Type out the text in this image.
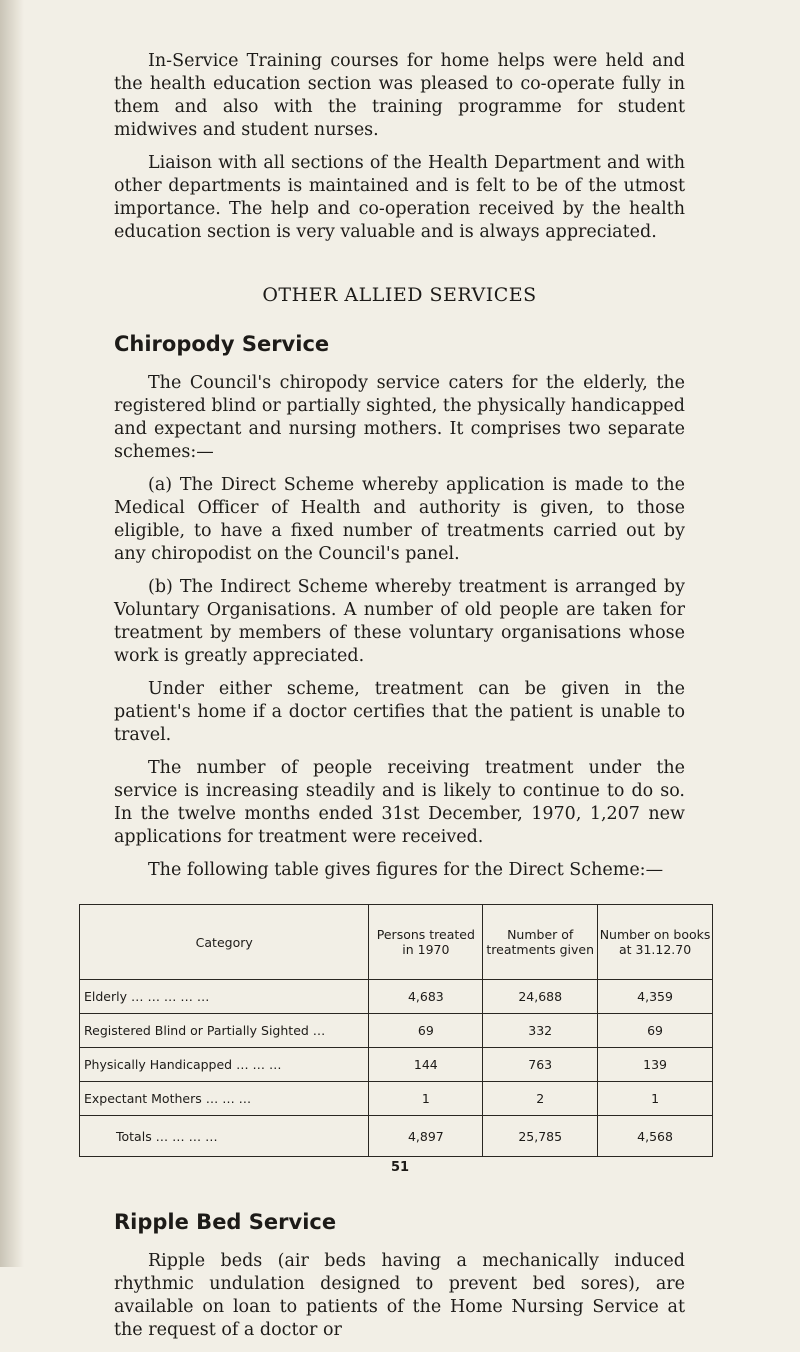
In-Service Training courses for home helps were held and the health education section was pleased to co-operate fully in them and also with the training programme for student midwives and student nurses.

Liaison with all sections of the Health Department and with other departments is maintained and is felt to be of the utmost importance. The help and co-operation received by the health education section is very valuable and is always appreciated.

OTHER ALLIED SERVICES
Chiropody Service

The Council's chiropody service caters for the elderly, the registered blind or partially sighted, the physically handicapped and expectant and nursing mothers. It comprises two separate schemes:—

(a) The Direct Scheme whereby application is made to the Medical Officer of Health and authority is given, to those eligible, to have a fixed number of treatments carried out by any chiropodist on the Council's panel.

(b) The Indirect Scheme whereby treatment is arranged by Voluntary Organisations. A number of old people are taken for treatment by members of these voluntary organisations whose work is greatly appreciated.

Under either scheme, treatment can be given in the patient's home if a doctor certifies that the patient is unable to travel.

The number of people receiving treatment under the service is increasing steadily and is likely to continue to do so. In the twelve months ended 31st December, 1970, 1,207 new applications for treatment were received.

The following table gives figures for the Direct Scheme:—

Category	Persons treated in 1970	Number of treatments given	Number on books at 31.12.70
Elderly … … … … …	4,683	24,688	4,359
Registered Blind or Partially Sighted …	69	332	69
Physically Handicapped … … …	144	763	139
Expectant Mothers … … …	1	2	1
Totals … … … …	4,897	25,785	4,568
Ripple Bed Service

Ripple beds (air beds having a mechanically induced rhythmic undulation designed to prevent bed sores), are available on loan to patients of the Home Nursing Service at the request of a doctor or

51
